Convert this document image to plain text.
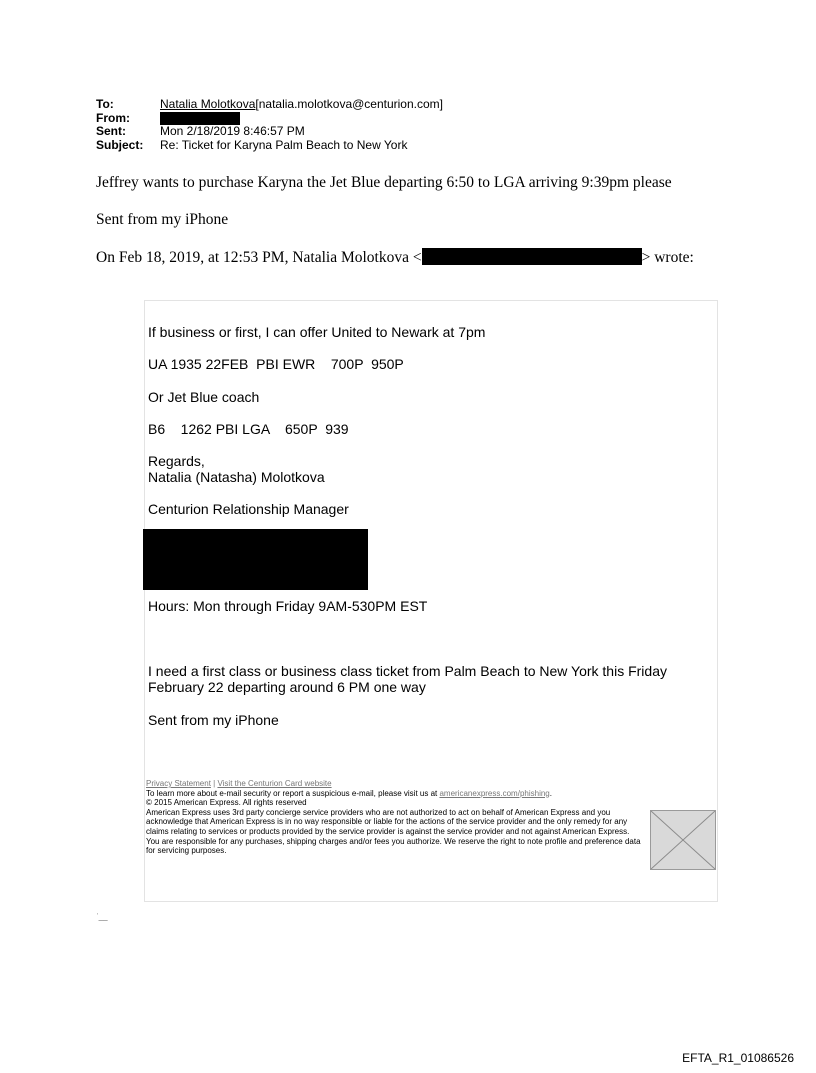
To:	Natalia Molotkova[natalia.molotkova@centurion.com]
From:
Sent:	Mon 2/18/2019 8:46:57 PM
Subject:	Re: Ticket for Karyna Palm Beach to New York
Jeffrey wants to purchase Karyna the Jet Blue departing 6:50 to LGA arriving 9:39pm please
Sent from my iPhone
On Feb 18, 2019, at 12:53 PM, Natalia Molotkova <	> wrote:
If business or first, I can offer United to Newark at 7pm
UA 1935 22FEB  PBI EWR    700P  950P
Or Jet Blue coach
B6    1262 PBI LGA    650P  939
Regards,
Natalia (Natasha) Molotkova
Centurion Relationship Manager
Hours: Mon through Friday 9AM-530PM EST
I need a first class or business class ticket from Palm Beach to New York this Friday
February 22 departing around 6 PM one way
Sent from my iPhone
Privacy Statement | Visit the Centurion Card website
To learn more about e-mail security or report a suspicious e-mail, please visit us at americanexpress.com/phishing.
© 2015 American Express. All rights reserved
American Express uses 3rd party concierge service providers who are not authorized to act on behalf of American Express and you acknowledge that American Express is in no way responsible or liable for the actions of the service provider and the only remedy for any claims relating to services or products provided by the service provider is against the service provider and not against American Express. You are responsible for any purchases, shipping charges and/or fees you authorize. We reserve the right to note profile and preference data for servicing purposes.
ˈ__
EFTA_R1_01086526
